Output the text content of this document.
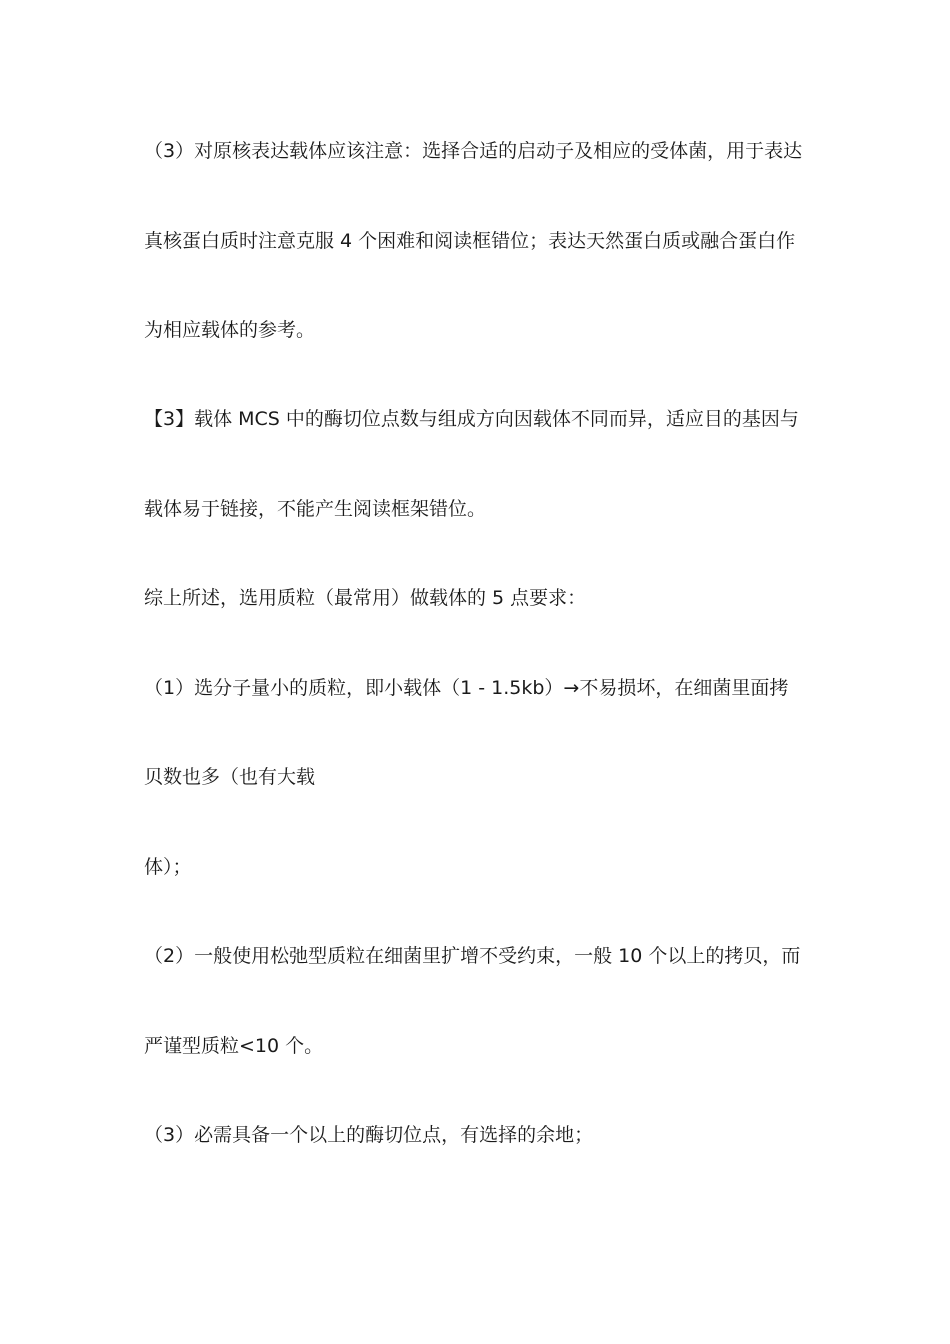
（3）对原核表达载体应该注意：选择合适的启动子及相应的受体菌，用于表达
真核蛋白质时注意克服 4 个困难和阅读框错位；表达天然蛋白质或融合蛋白作
为相应载体的参考。
【3】载体 MCS 中的酶切位点数与组成方向因载体不同而异，适应目的基因与
载体易于链接，不能产生阅读框架错位。
综上所述，选用质粒（最常用）做载体的 5 点要求：
（1）选分子量小的质粒，即小载体（1 - 1.5kb）→不易损坏，在细菌里面拷
贝数也多（也有大载
体）；
（2）一般使用松弛型质粒在细菌里扩增不受约束，一般 10 个以上的拷贝，而
严谨型质粒<10 个。
（3）必需具备一个以上的酶切位点，有选择的余地；
